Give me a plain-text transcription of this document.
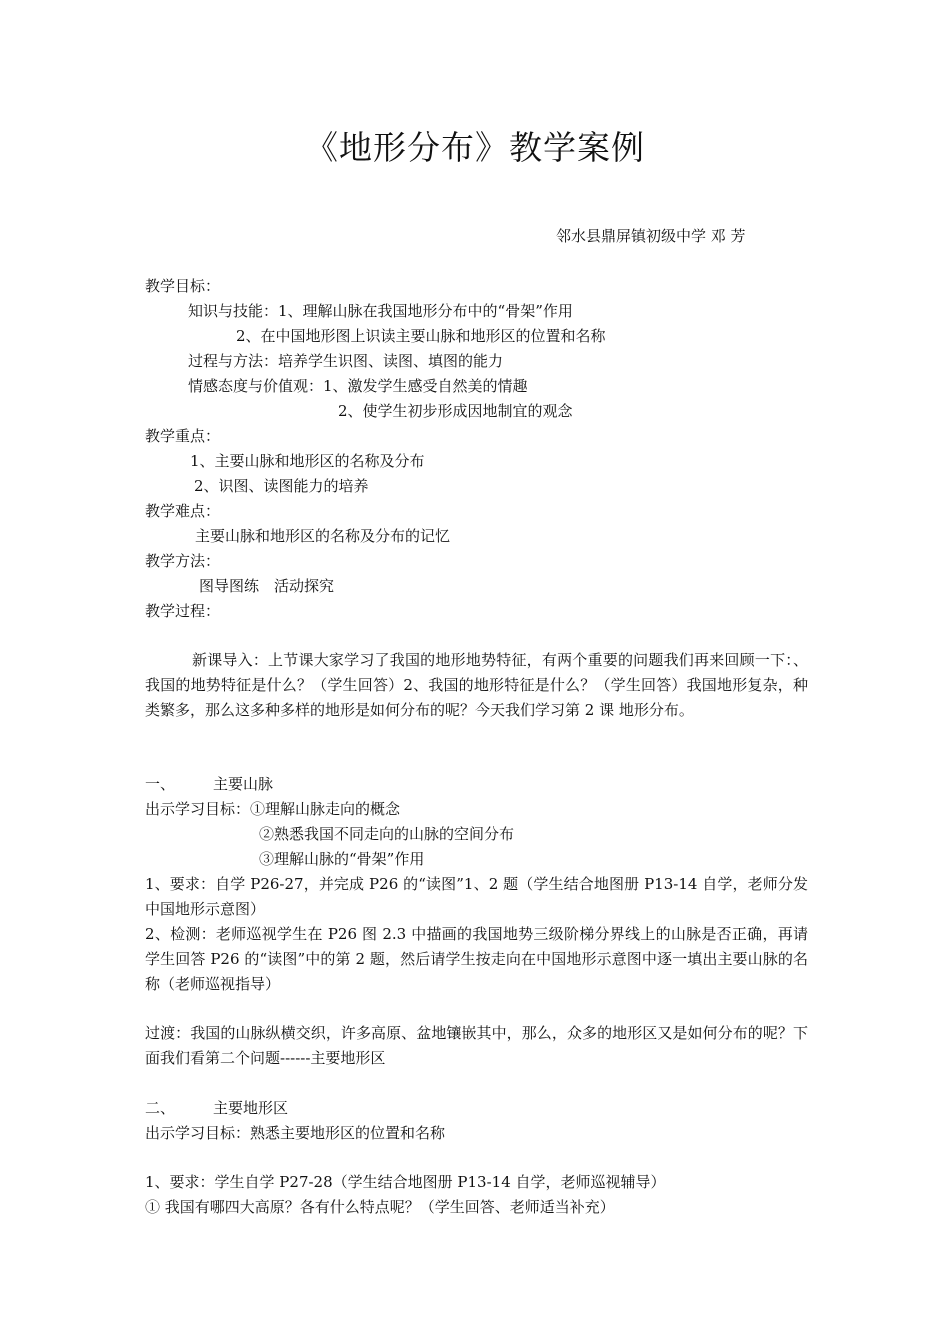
《地形分布》教学案例
邻水县鼎屏镇初级中学 邓 芳
教学目标：
知识与技能：1、理解山脉在我国地形分布中的“骨架”作用
2、在中国地形图上识读主要山脉和地形区的位置和名称
过程与方法：培养学生识图、读图、填图的能力
情感态度与价值观：1、激发学生感受自然美的情趣
2、使学生初步形成因地制宜的观念
教学重点：
1、主要山脉和地形区的名称及分布
2、识图、读图能力的培养
教学难点：
主要山脉和地形区的名称及分布的记忆
教学方法：
图导图练　活动探究
教学过程：
新课导入：上节课大家学习了我国的地形地势特征，有两个重要的问题我们再来回顾一下：、我国的地势特征是什么？（学生回答）2、我国的地形特征是什么？（学生回答）我国地形复杂，种类繁多，那么这多种多样的地形是如何分布的呢？今天我们学习第 2 课 地形分布。
一、	主要山脉
出示学习目标：①理解山脉走向的概念
②熟悉我国不同走向的山脉的空间分布
③理解山脉的“骨架”作用
1、要求：自学 P26-27，并完成 P26 的“读图”1、2 题（学生结合地图册 P13-14 自学，老师分发中国地形示意图）
2、检测：老师巡视学生在 P26 图 2.3 中描画的我国地势三级阶梯分界线上的山脉是否正确，再请学生回答 P26 的“读图”中的第 2 题，然后请学生按走向在中国地形示意图中逐一填出主要山脉的名称（老师巡视指导）
过渡：我国的山脉纵横交织，许多高原、盆地镶嵌其中，那么，众多的地形区又是如何分布的呢？下面我们看第二个问题------主要地形区
二、	主要地形区
出示学习目标：熟悉主要地形区的位置和名称
1、要求：学生自学 P27-28（学生结合地图册 P13-14 自学，老师巡视辅导）
① 我国有哪四大高原？各有什么特点呢？（学生回答、老师适当补充）
